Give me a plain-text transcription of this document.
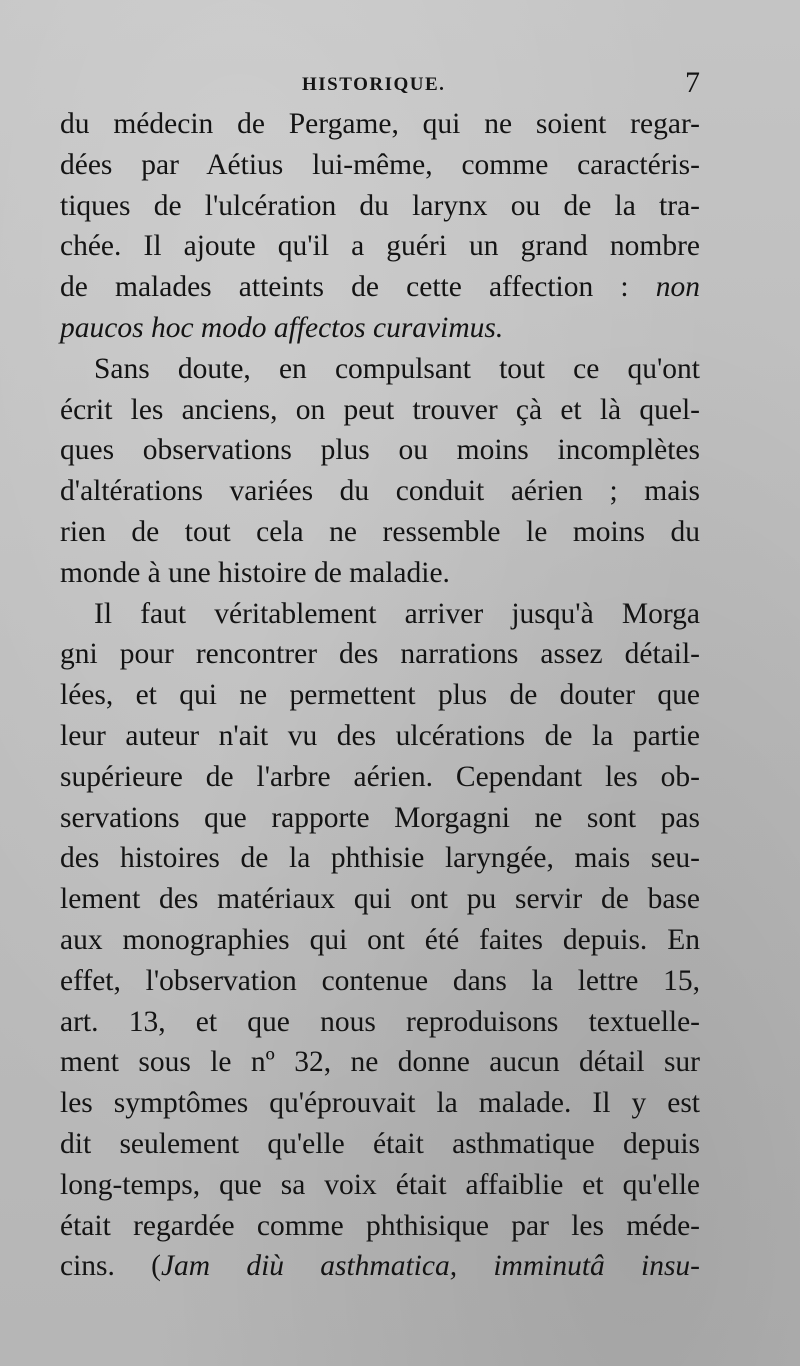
HISTORIQUE.	7
du médecin de Pergame, qui ne soient regar-
dées par Aétius lui-même, comme caractéris-
tiques de l'ulcération du larynx ou de la tra-
chée. Il ajoute qu'il a guéri un grand nombre
de malades atteints de cette affection : non
paucos hoc modo affectos curavimus.
Sans doute, en compulsant tout ce qu'ont
écrit les anciens, on peut trouver çà et là quel-
ques observations plus ou moins incomplètes
d'altérations variées du conduit aérien ; mais
rien de tout cela ne ressemble le moins du
monde à une histoire de maladie.
Il faut véritablement arriver jusqu'à Morga
gni pour rencontrer des narrations assez détail-
lées, et qui ne permettent plus de douter que
leur auteur n'ait vu des ulcérations de la partie
supérieure de l'arbre aérien. Cependant les ob-
servations que rapporte Morgagni ne sont pas
des histoires de la phthisie laryngée, mais seu-
lement des matériaux qui ont pu servir de base
aux monographies qui ont été faites depuis. En
effet, l'observation contenue dans la lettre 15,
art. 13, et que nous reproduisons textuelle-
ment sous le nº 32, ne donne aucun détail sur
les symptômes qu'éprouvait la malade. Il y est
dit seulement qu'elle était asthmatique depuis
long-temps, que sa voix était affaiblie et qu'elle
était regardée comme phthisique par les méde-
cins. (Jam diù asthmatica, imminutâ insu-
